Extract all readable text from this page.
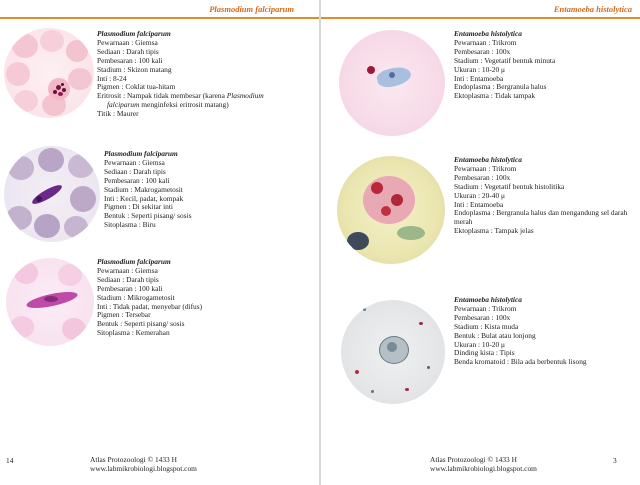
Plasmodium falciparum
Plasmodium falciparum
Pewarnaan : Giemsa
Sediaan : Darah tipis
Pembesaran : 100 kali
Stadium : Skizon matang
Inti : 8-24
Pigmen : Coklat tua-hitam
Eritrosit : Nampak tidak membesar (karena Plasmodium
falciparum menginfeksi eritrosit matang)
Titik : Maurer
Plasmodium falciparum
Pewarnaan : Giemsa
Sediaan : Darah tipis
Pembesaran : 100 kali
Stadium : Makrogametosit
Inti : Kecil, padat, kompak
Pigmen : Di sekitar inti
Bentuk : Seperti pisang/ sosis
Sitoplasma : Biru
Plasmodium falciparum
Pewarnaan : Giemsa
Sediaan : Darah tipis
Pembesaran : 100 kali
Stadium : Mikrogametosit
Inti : Tidak padat, menyebar (difus)
Pigmen : Tersebar
Bentuk : Seperti pisang/ sosis
Sitoplasma : Kemerahan
14	Atlas Protozoologi © 1433 H
www.labmikrobiologi.blogspot.com
Entamoeba histolytica
Entamoeba histolytica
Pewarnaan : Trikrom
Pembesaran : 100x
Stadium : Vegetatif bentuk minuta
Ukuran : 10-20 μ
Inti : Entamoeba
Endoplasma : Bergranula halus
Ektoplasma : Tidak tampak
Entamoeba histolytica
Pewarnaan : Trikrom
Pembesaran : 100x
Stadium : Vegetatif bentuk histolitika
Ukuran : 20-40 μ
Inti : Entamoeba
Endoplasma : Bergranula halus dan mengandung sel darah merah
Ektoplasma : Tampak jelas
Entamoeba histolytica
Pewarnaan : Trikrom
Pembesaran : 100x
Stadium : Kista muda
Bentuk : Bulat atau lonjong
Ukuran : 10-20 μ
Dinding kista : Tipis
Benda kromatoid : Bila ada berbentuk lisong
Atlas Protozoologi © 1433 H
www.labmikrobiologi.blogspot.com
3
